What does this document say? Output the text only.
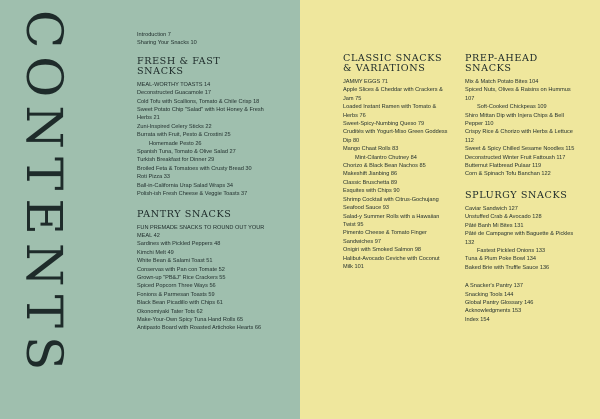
CONTENTS	Introduction 7
Sharing Your Snacks 10
FRESH & FAST
SNACKS
MEAL-WORTHY TOASTS 14
Deconstructed Guacamole 17
Cold Tofu with Scallions, Tomato & Chile Crisp 18
Sweet Potato Chip "Salad" with Hot Honey & Fresh Herbs 21
Zuni-Inspired Celery Sticks 22
Burrata with Fruit, Pesto & Crostini 25
Homemade Pesto 26
Spanish Tuna, Tomato & Olive Salad 27
Turkish Breakfast for Dinner 29
Broiled Feta & Tomatoes with Crusty Bread 30
Roti Pizza 33
Ball-in-California Urap Salad Wraps 34
Polish-ish Fresh Cheese & Veggie Toasts 37
PANTRY SNACKS
FUN PREMADE SNACKS TO ROUND OUT YOUR MEAL 42
Sardines with Pickled Peppers 48
Kimchi Melt 49
White Bean & Salami Toast 51
Conservas with Pan con Tomate 52
Grown-up "PB&J" Rice Crackers 55
Spiced Popcorn Three Ways 56
Fonions & Parmesan Toasts 59
Black Bean Picadillo with Chips 61
Okonomiyaki Tater Tots 62
Make-Your-Own Spicy Tuna Hand Rolls 65
Antipasto Board with Roasted Artichoke Hearts 66
CLASSIC SNACKS
& VARIATIONS
JAMMY EGGS 71
Apple Slices & Cheddar with Crackers & Jam 75
Loaded Instant Ramen with Tomato & Herbs 76
Sweet-Spicy-Numbing Queso 79
Crudités with Yogurt-Miso Green Goddess Dip 80
Mango Chaat Rolls 83
Mint-Cilantro Chutney 84
Chorizo & Black Bean Nachos 85
Makeshift Jianbing 86
Classic Bruschetta 89
Esquites with Chips 90
Shrimp Cocktail with Citrus-Gochujang Seafood Sauce 93
Salad-y Summer Rolls with a Hawaiian Twist 95
Pimento Cheese & Tomato Finger Sandwiches 97
Onigiri with Smoked Salmon 98
Halibut-Avocado Ceviche with Coconut Milk 101
PREP-AHEAD
SNACKS
Mix & Match Potato Bites 104
Spiced Nuts, Olives & Raisins on Hummus 107
Soft-Cooked Chickpeas 109
Shiro Mittan Dip with Injera Chips & Bell Pepper 110
Crispy Rice & Chorizo with Herbs & Lettuce 112
Sweet & Spicy Chilled Sesame Noodles 115
Deconstructed Winter Fruit Fattoush 117
Butternut Flatbread Pulaar 119
Corn & Spinach Tofu Banchan 122
SPLURGY SNACKS
Caviar Sandwich 127
Unstuffed Crab & Avocado 128
Pâté Banh Mi Bites 131
Pâté de Campagne with Baguette & Pickles 132
Fastest Pickled Onions 133
Tuna & Plum Poke Bowl 134
Baked Brie with Truffle Sauce 136
A Snacker's Pantry 137
Snacking Tools 144
Global Pantry Glossary 146
Acknowledgments 153
Index 154
